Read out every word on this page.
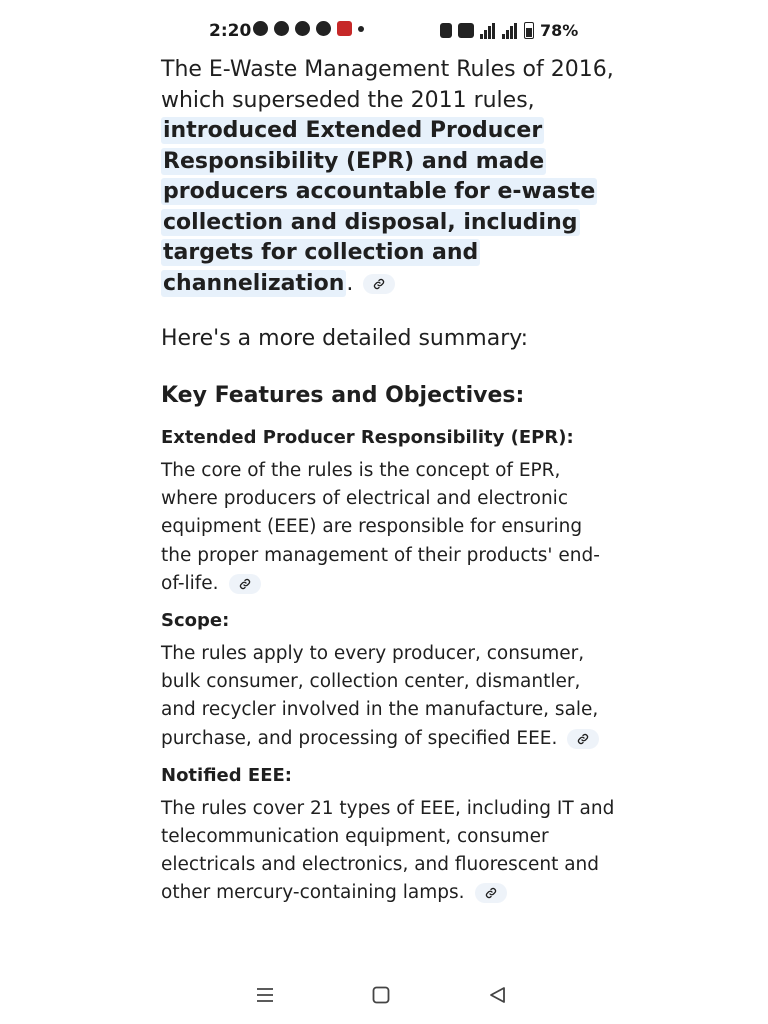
2:20	78%

The E-Waste Management Rules of 2016, which superseded the 2011 rules, introduced Extended Producer Responsibility (EPR) and made producers accountable for e-waste collection and disposal, including targets for collection and channelization.

Here's a more detailed summary:

Key Features and Objectives:
Extended Producer Responsibility (EPR):

The core of the rules is the concept of EPR, where producers of electrical and electronic equipment (EEE) are responsible for ensuring the proper management of their products' end-of-life.

Scope:

The rules apply to every producer, consumer, bulk consumer, collection center, dismantler, and recycler involved in the manufacture, sale, purchase, and processing of specified EEE.

Notified EEE:

The rules cover 21 types of EEE, including IT and telecommunication equipment, consumer electricals and electronics, and fluorescent and other mercury-containing lamps.
